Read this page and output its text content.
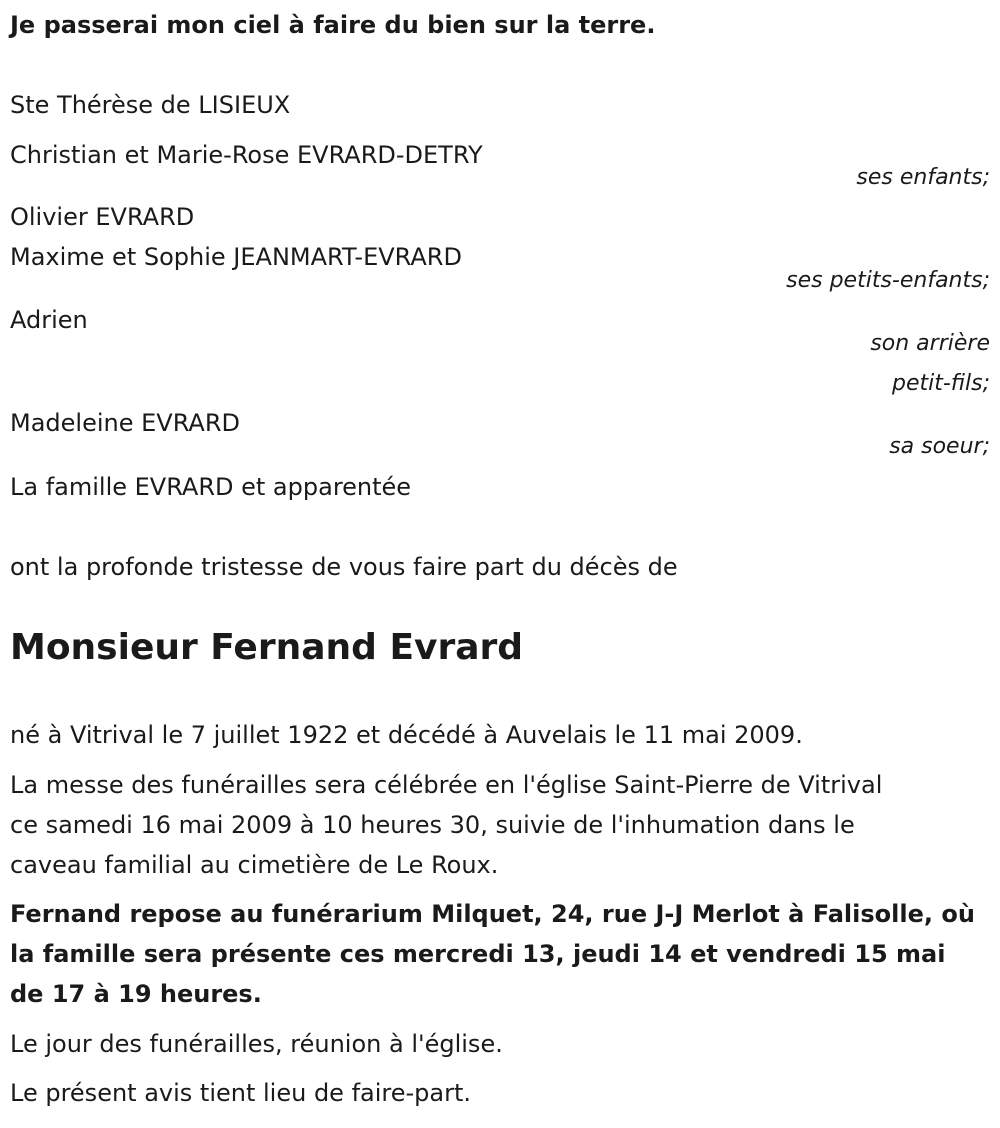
Je passerai mon ciel à faire du bien sur la terre.
Ste Thérèse de LISIEUX
Christian et Marie-Rose EVRARD-DETRY
ses enfants;
Olivier EVRARD
Maxime et Sophie JEANMART-EVRARD
ses petits-enfants;
Adrien
son arrière
petit-fils;
Madeleine EVRARD
sa soeur;
La famille EVRARD et apparentée
ont la profonde tristesse de vous faire part du décès de
Monsieur Fernand Evrard
né à Vitrival le 7 juillet 1922 et décédé à Auvelais le 11 mai 2009.
La messe des funérailles sera célébrée en l'église Saint-Pierre de Vitrival
ce samedi 16 mai 2009 à 10 heures 30, suivie de l'inhumation dans le
caveau familial au cimetière de Le Roux.
Fernand repose au funérarium Milquet, 24, rue J-J Merlot à Falisolle, où
la famille sera présente ces mercredi 13, jeudi 14 et vendredi 15 mai
de 17 à 19 heures.
Le jour des funérailles, réunion à l'église.
Le présent avis tient lieu de faire-part.
